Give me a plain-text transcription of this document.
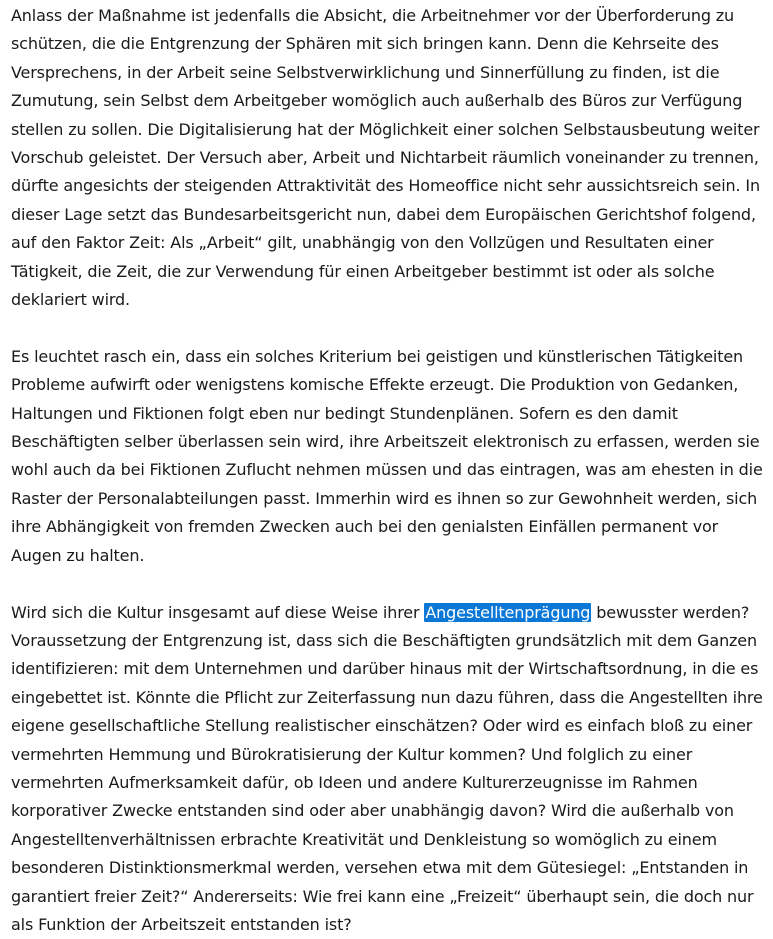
Anlass der Maßnahme ist jedenfalls die Absicht, die Arbeitnehmer vor der Überforderung zu
schützen, die die Entgrenzung der Sphären mit sich bringen kann. Denn die Kehrseite des
Versprechens, in der Arbeit seine Selbstverwirklichung und Sinnerfüllung zu finden, ist die
Zumutung, sein Selbst dem Arbeitgeber womöglich auch außerhalb des Büros zur Verfügung
stellen zu sollen. Die Digitalisierung hat der Möglichkeit einer solchen Selbstausbeutung weiter
Vorschub geleistet. Der Versuch aber, Arbeit und Nichtarbeit räumlich voneinander zu trennen,
dürfte angesichts der steigenden Attraktivität des Homeoffice nicht sehr aussichtsreich sein. In
dieser Lage setzt das Bundesarbeitsgericht nun, dabei dem Europäischen Gerichtshof folgend,
auf den Faktor Zeit: Als „Arbeit“ gilt, unabhängig von den Vollzügen und Resultaten einer
Tätigkeit, die Zeit, die zur Verwendung für einen Arbeitgeber bestimmt ist oder als solche
deklariert wird.

Es leuchtet rasch ein, dass ein solches Kriterium bei geistigen und künstlerischen Tätigkeiten
Probleme aufwirft oder wenigstens komische Effekte erzeugt. Die Produktion von Gedanken,
Haltungen und Fiktionen folgt eben nur bedingt Stundenplänen. Sofern es den damit
Beschäftigten selber überlassen sein wird, ihre Arbeitszeit elektronisch zu erfassen, werden sie
wohl auch da bei Fiktionen Zuflucht nehmen müssen und das eintragen, was am ehesten in die
Raster der Personalabteilungen passt. Immerhin wird es ihnen so zur Gewohnheit werden, sich
ihre Abhängigkeit von fremden Zwecken auch bei den genialsten Einfällen permanent vor
Augen zu halten.

Wird sich die Kultur insgesamt auf diese Weise ihrer Angestelltenprägung bewusster werden?
Voraussetzung der Entgrenzung ist, dass sich die Beschäftigten grundsätzlich mit dem Ganzen
identifizieren: mit dem Unternehmen und darüber hinaus mit der Wirtschaftsordnung, in die es
eingebettet ist. Könnte die Pflicht zur Zeiterfassung nun dazu führen, dass die Angestellten ihre
eigene gesellschaftliche Stellung realistischer einschätzen? Oder wird es einfach bloß zu einer
vermehrten Hemmung und Bürokratisierung der Kultur kommen? Und folglich zu einer
vermehrten Aufmerksamkeit dafür, ob Ideen und andere Kulturerzeugnisse im Rahmen
korporativer Zwecke entstanden sind oder aber unabhängig davon? Wird die außerhalb von
Angestelltenverhältnissen erbrachte Kreativität und Denkleistung so womöglich zu einem
besonderen Distinktionsmerkmal werden, versehen etwa mit dem Gütesiegel: „Entstanden in
garantiert freier Zeit?“ Andererseits: Wie frei kann eine „Freizeit“ überhaupt sein, die doch nur
als Funktion der Arbeitszeit entstanden ist?
